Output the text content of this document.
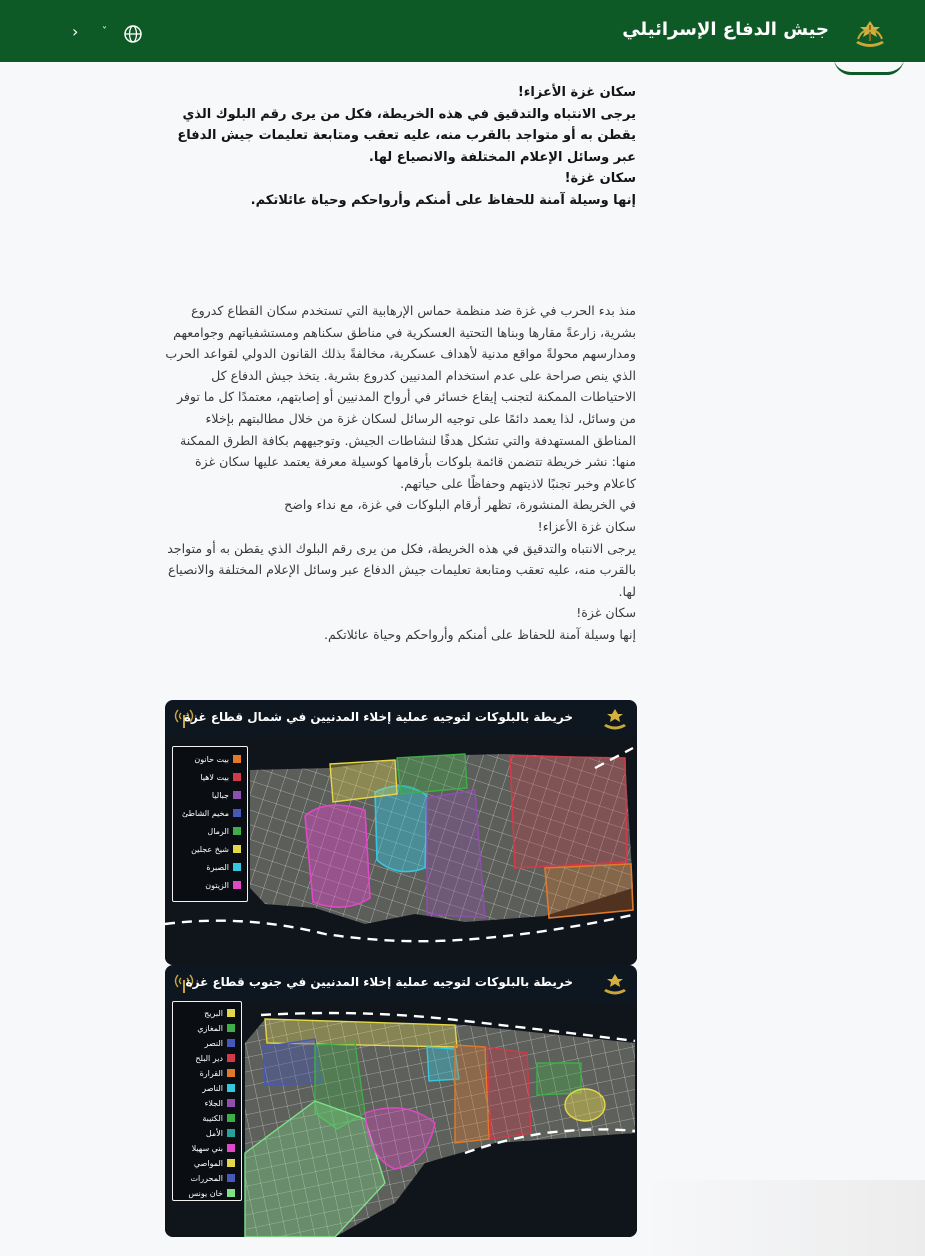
˅
›	جيش الدفاع الإسرائيلي

سكان غزة الأعزاء!

يرجى الانتباه والتدقيق في هذه الخريطة، فكل من يرى رقم البلوك الذي يقطن به أو متواجد بالقرب منه، عليه تعقب ومتابعة تعليمات جيش الدفاع عبر وسائل الإعلام المختلفة والانصياع لها.

سكان غزة!

إنها وسيلة آمنة للحفاظ على أمنكم وأرواحكم وحياة عائلاتكم.

منذ بدء الحرب في غزة ضد منظمة حماس الإرهابية التي تستخدم سكان القطاع كدروع بشرية، زارعةً مقارها وبناها التحتية العسكرية في مناطق سكناهم ومستشفياتهم وجوامعهم ومدارسهم محولةً مواقع مدنية لأهداف عسكرية، مخالفةً بذلك القانون الدولي لقواعد الحرب الذي ينص صراحة على عدم استخدام المدنيين كدروع بشرية. يتخذ جيش الدفاع كل الاحتياطات الممكنة لتجنب إيقاع خسائر في أرواح المدنيين أو إصابتهم، معتمدًا كل ما توفر من وسائل، لذا يعمد دائمًا على توجيه الرسائل لسكان غزة من خلال مطالبتهم بإخلاء المناطق المستهدفة والتي تشكل هدفًا لنشاطات الجيش. وتوجيههم بكافة الطرق الممكنة منها: نشر خريطة تتضمن قائمة بلوكات بأرقامها كوسيلة معرفة يعتمد عليها سكان غزة كاعلام وخبر تجنبًا لاذيتهم وحفاظًا على حياتهم.

في الخريطة المنشورة، تظهر أرقام البلوكات في غزة، مع نداء واضح

سكان غزة الأعزاء!

يرجى الانتباه والتدقيق في هذه الخريطة، فكل من يرى رقم البلوك الذي يقطن به أو متواجد بالقرب منه، عليه تعقب ومتابعة تعليمات جيش الدفاع عبر وسائل الإعلام المختلفة والانصياع لها.

سكان غزة!

إنها وسيلة آمنة للحفاظ على أمنكم وأرواحكم وحياة عائلاتكم.

خريطة بالبلوكات لتوجيه عملية إخلاء المدنيين في شمال قطاع غزة
بيت حانون
بيت لاهيا
جباليا
مخيم الشاطئ
الرمال
شيخ عجلين
الصبرة
الزيتون
خريطة بالبلوكات لتوجيه عملية إخلاء المدنيين في جنوب قطاع غزة
البريج
المغازي
النصر
دير البلح
القرارة
الناصر
الجلاء
الكتيبة
الأمل
بني سهيلا
المواصي
المحررات
خان يونس
